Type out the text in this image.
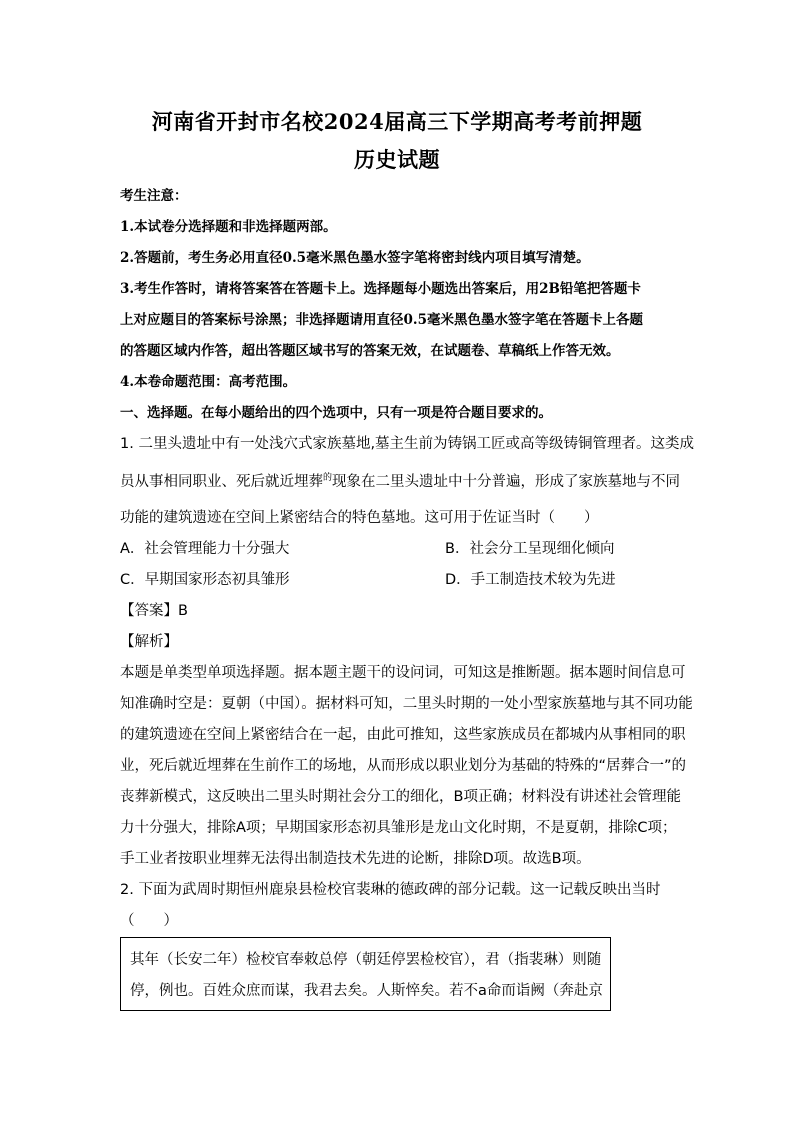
河南省开封市名校2024届高三下学期高考考前押题
历史试题
考生注意：
1.本试卷分选择题和非选择题两部。
2.答题前，考生务必用直径0.5毫米黑色墨水签字笔将密封线内项目填写清楚。
3.考生作答时，请将答案答在答题卡上。选择题每小题选出答案后，用2B铅笔把答题卡
上对应题目的答案标号涂黑；非选择题请用直径0.5毫米黑色墨水签字笔在答题卡上各题
的答题区域内作答，超出答题区域书写的答案无效，在试题卷、草稿纸上作答无效。
4.本卷命题范围：高考范围。
一、选择题。在每小题给出的四个选项中，只有一项是符合题目要求的。
1. 二里头遗址中有一处浅穴式家族墓地,墓主生前为铸锅工匠或高等级铸铜管理者。这类成
员从事相同职业、死后就近埋葬$^的$现象在二里头遗址中十分普遍，形成了家族墓地与不同
功能的建筑遗迹在空间上紧密结合的特色墓地。这可用于佐证当时（　　）
A．社会管理能力十分强大	B．社会分工呈现细化倾向
C．早期国家形态初具雏形	D．手工制造技术较为先进
【答案】B
【解析】
本题是单类型单项选择题。据本题主题干的设问词，可知这是推断题。据本题时间信息可
知准确时空是：夏朝（中国）。据材料可知，二里头时期的一处小型家族墓地与其不同功能
的建筑遗迹在空间上紧密结合在一起，由此可推知，这些家族成员在都城内从事相同的职
业，死后就近埋葬在生前作工的场地，从而形成以职业划分为基础的特殊的“居葬合一”的
丧葬新模式，这反映出二里头时期社会分工的细化，B项正确；材料没有讲述社会管理能
力十分强大，排除A项；早期国家形态初具雏形是龙山文化时期，不是夏朝，排除C项；
手工业者按职业埋葬无法得出制造技术先进的论断，排除D项。故选B项。
2. 下面为武周时期恒州鹿泉县检校官裴琳的德政碑的部分记载。这一记载反映出当时
（　　）
其年（长安二年）检校官奉敕总停（朝廷停罢检校官），君（指裴琳）则随
停，例也。百姓众庶而谋，我君去矣。人斯悴矣。若不a命而诣阙（奔赴京
